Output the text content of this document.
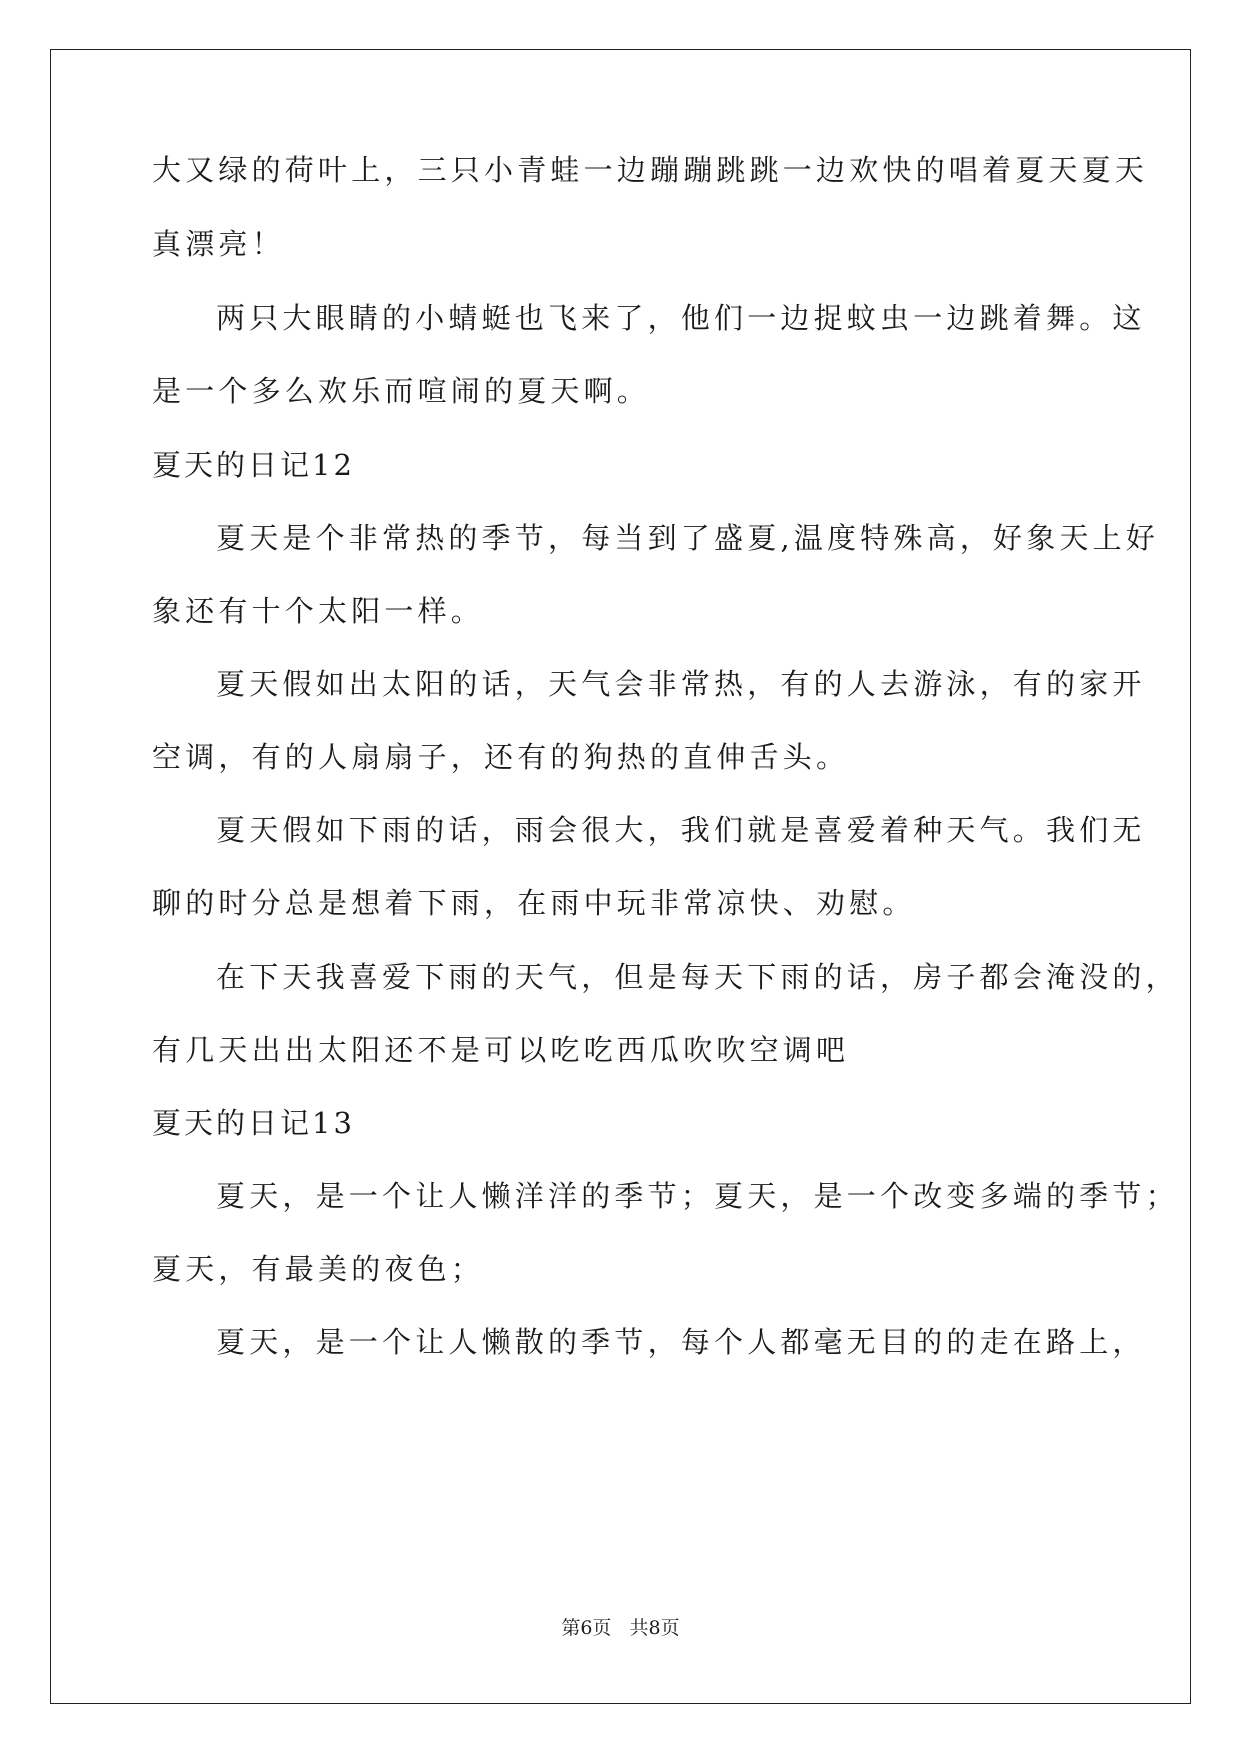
大又绿的荷叶上，三只小青蛙一边蹦蹦跳跳一边欢快的唱着夏天夏天
真漂亮！
两只大眼睛的小蜻蜓也飞来了，他们一边捉蚊虫一边跳着舞。这
是一个多么欢乐而喧闹的夏天啊。
夏天的日记12
夏天是个非常热的季节，每当到了盛夏,温度特殊高，好象天上好
象还有十个太阳一样。
夏天假如出太阳的话，天气会非常热，有的人去游泳，有的家开
空调，有的人扇扇子，还有的狗热的直伸舌头。
夏天假如下雨的话，雨会很大，我们就是喜爱着种天气。我们无
聊的时分总是想着下雨，在雨中玩非常凉快、劝慰。
在下天我喜爱下雨的天气，但是每天下雨的话，房子都会淹没的，
有几天出出太阳还不是可以吃吃西瓜吹吹空调吧
夏天的日记13
夏天，是一个让人懒洋洋的季节；夏天，是一个改变多端的季节；
夏天，有最美的夜色；
夏天，是一个让人懒散的季节，每个人都毫无目的的走在路上，
第6页   共8页
